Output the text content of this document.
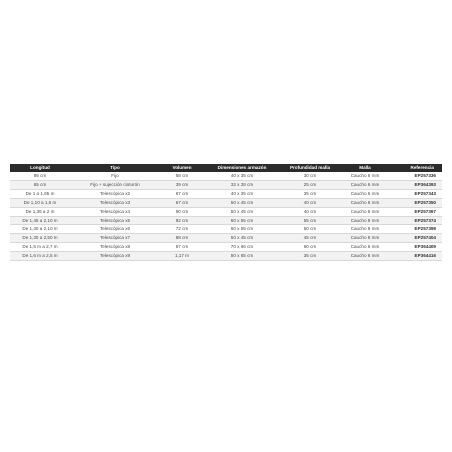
Longitud	Tipo	Volumen	Dimensiones armazón	Profundidad malla	Malla	Referencia
95 cm	Fijo	58 cm	40 x 35 cm	30 cm	Caucho 6 mm	EP257336
65 cm	Fijo + sujección cinturón	39 cm	32 x 28 cm	25 cm	Caucho 6 mm	EP364393
De 1 a 1,65 m	Telescópica x2	67 cm	40 x 35 cm	35 cm	Caucho 6 mm	EP257343
De 1,10 a 1,5 m	Telescópica x3	67 cm	50 x 45 cm	40 cm	Caucho 8 mm	EP257350
De 1,35 a 2 m	Telescópica x4	90 cm	50 x 45 cm	40 cm	Caucho 8 mm	EP257367
De 1,45 a 2,10 m	Telescópica x5	92 cm	60 x 55 cm	55 cm	Caucho 8 mm	EP257374
De 1,30 a 2,10 m	Telescópica x6	72 cm	60 x 55 cm	50 cm	Caucho 8 mm	EP257398
De 1,30 a 2,50 m	Telescópica x7	88 cm	50 x 45 cm	45 cm	Caucho 8 mm	EP257404
De 1,5 m a 2,7 m	Telescópica x8	87 cm	70 x 66 cm	60 cm	Caucho 6 mm	EP364409
De 1,6 m a 2,5 m	Telescópica x9	1,17 m	50 x 65 cm	35 cm	Caucho 6 mm	EP364416
